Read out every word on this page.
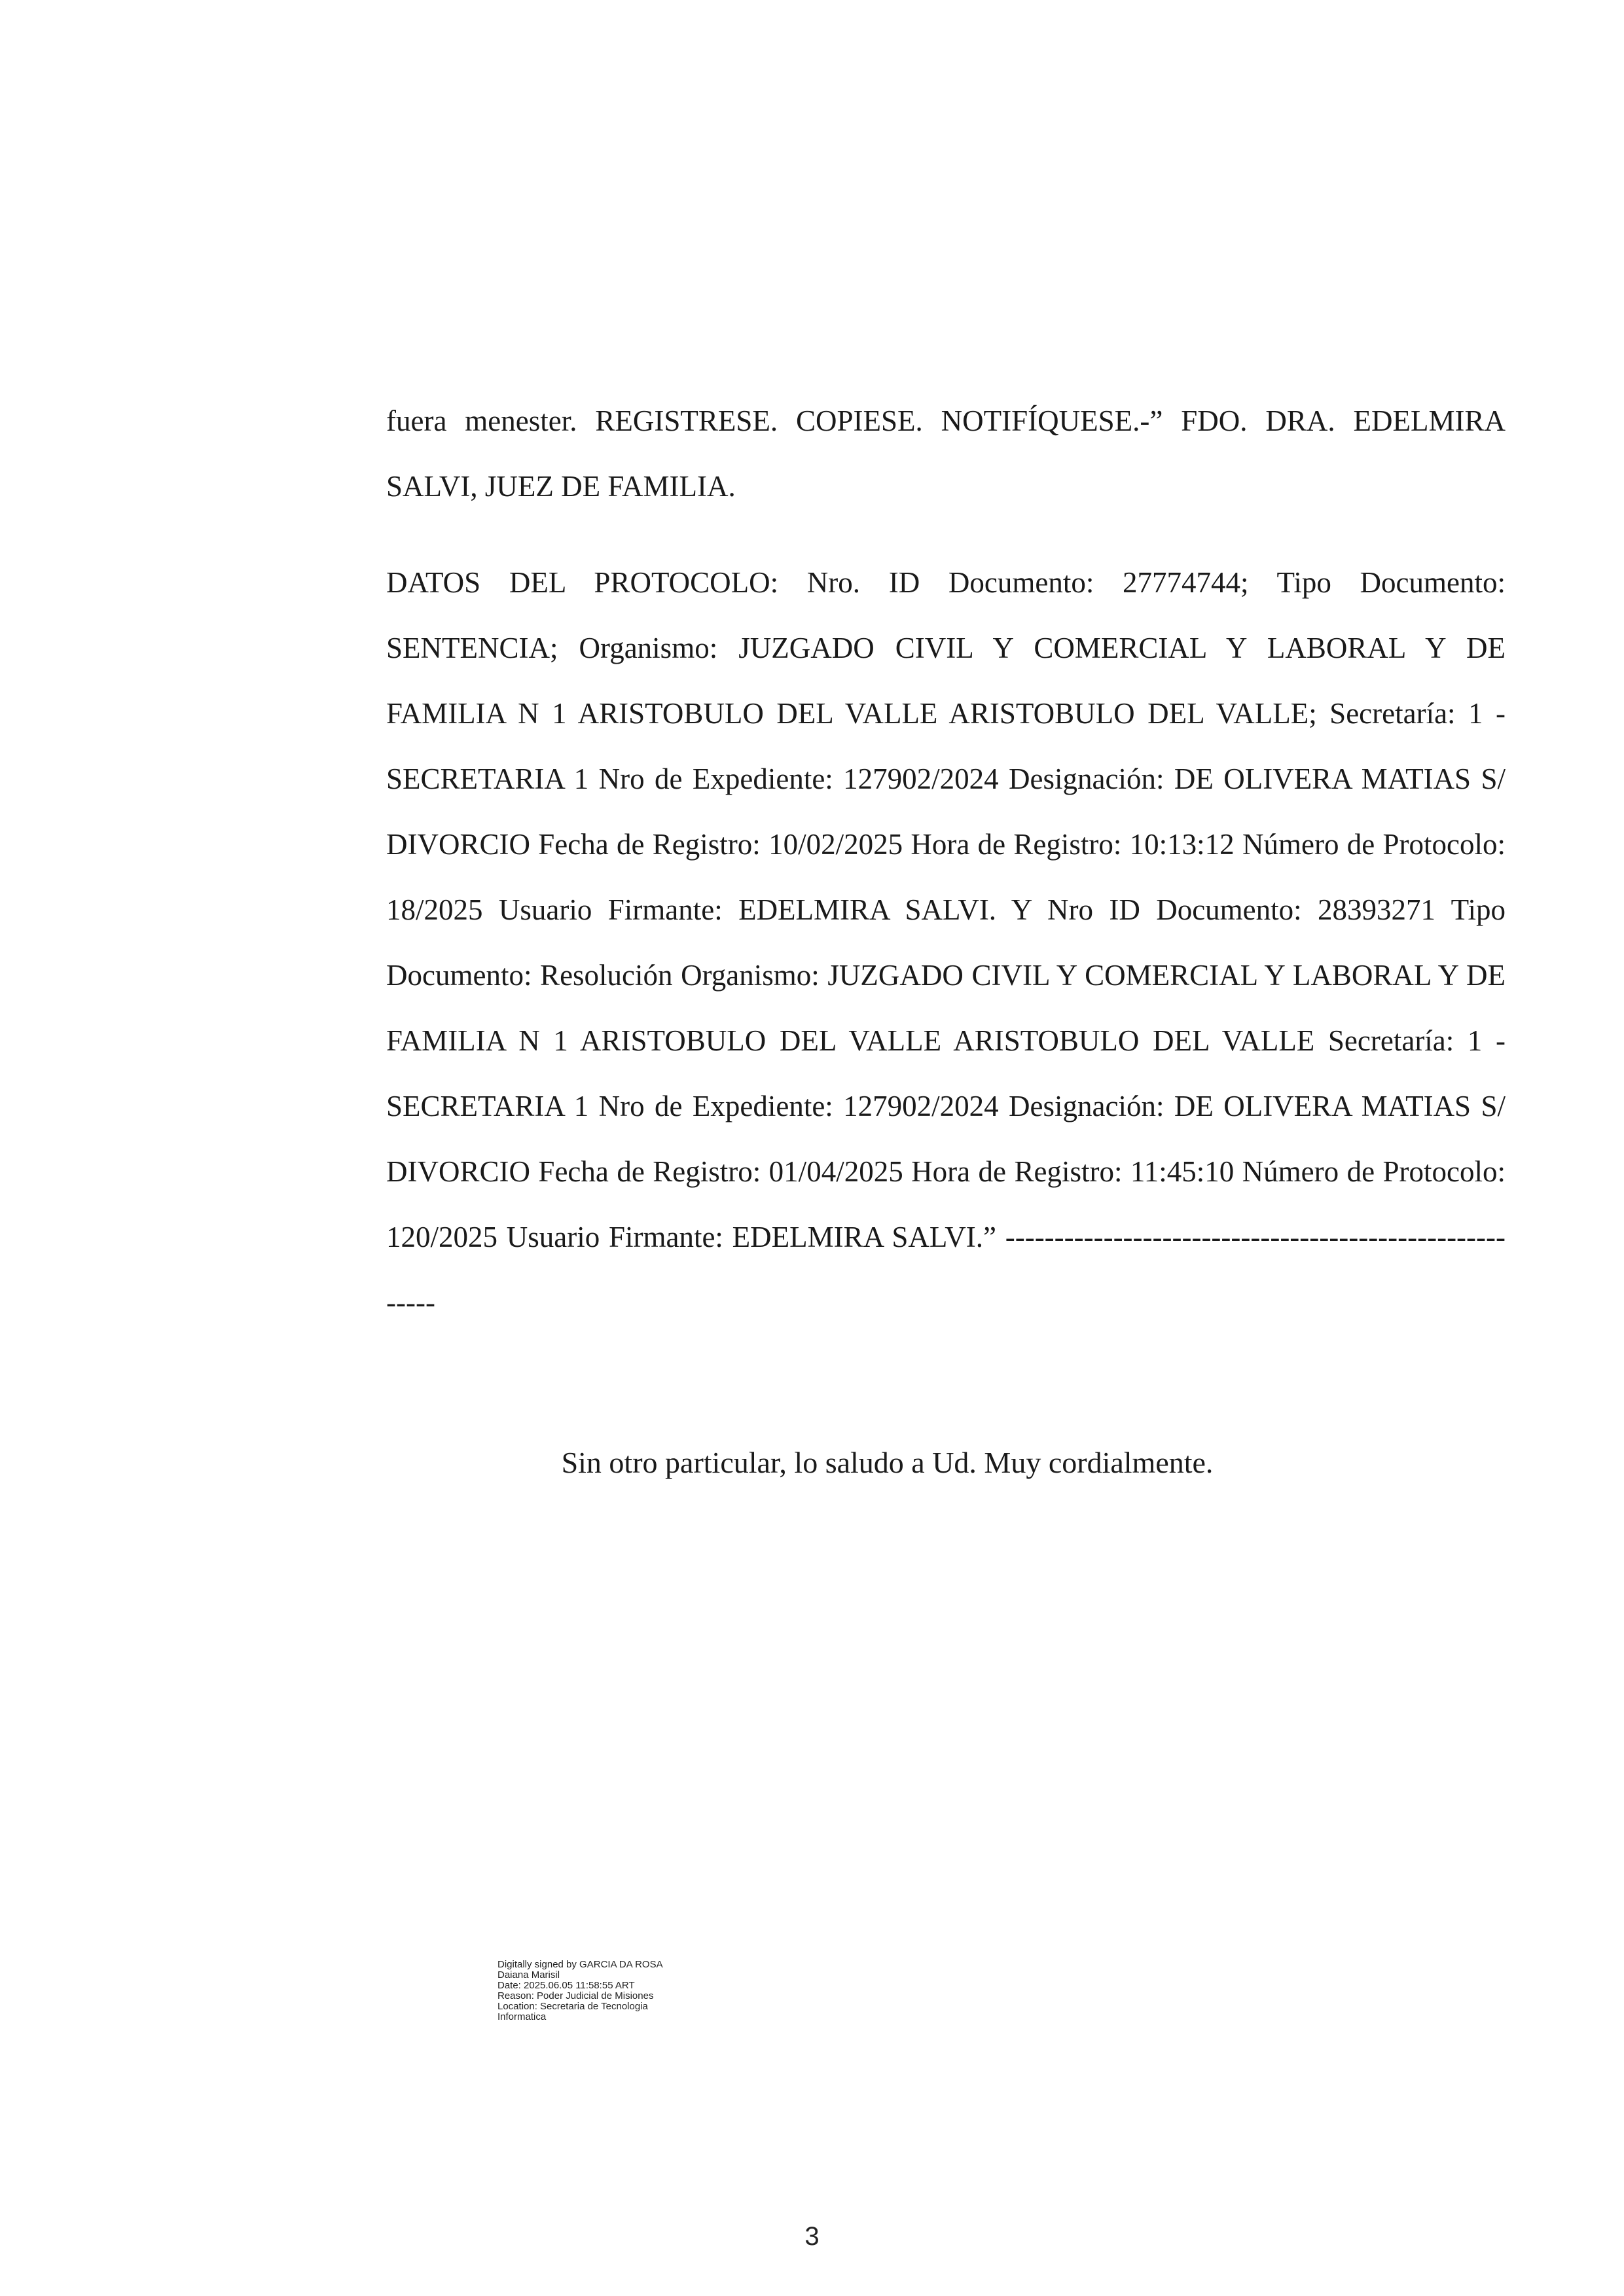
fuera menester. REGISTRESE. COPIESE. NOTIFÍQUESE.-” FDO. DRA. EDELMIRA SALVI, JUEZ DE FAMILIA.

DATOS DEL PROTOCOLO: Nro. ID Documento: 27774744; Tipo Documento: SENTENCIA; Organismo: JUZGADO CIVIL Y COMERCIAL Y LABORAL Y DE FAMILIA N 1 ARISTOBULO DEL VALLE ARISTOBULO DEL VALLE; Secretaría: 1 - SECRETARIA 1 Nro de Expediente: 127902/2024 Designación: DE OLIVERA MATIAS S/ DIVORCIO Fecha de Registro: 10/02/2025 Hora de Registro: 10:13:12 Número de Protocolo: 18/2025 Usuario Firmante: EDELMIRA SALVI. Y Nro ID Documento: 28393271 Tipo Documento: Resolución Organismo: JUZGADO CIVIL Y COMERCIAL Y LABORAL Y DE FAMILIA N 1 ARISTOBULO DEL VALLE ARISTOBULO DEL VALLE Secretaría: 1 - SECRETARIA 1 Nro de Expediente: 127902/2024 Designación: DE OLIVERA MATIAS S/ DIVORCIO Fecha de Registro: 01/04/2025 Hora de Registro: 11:45:10 Número de Protocolo: 120/2025 Usuario Firmante: EDELMIRA SALVI.” --------------------------------------------------------

Sin otro particular, lo saludo a Ud. Muy cordialmente.
Digitally signed by GARCIA DA ROSA
Daiana Marisil
Date: 2025.06.05 11:58:55 ART
Reason: Poder Judicial de Misiones
Location: Secretaria de Tecnologia
Informatica
3
